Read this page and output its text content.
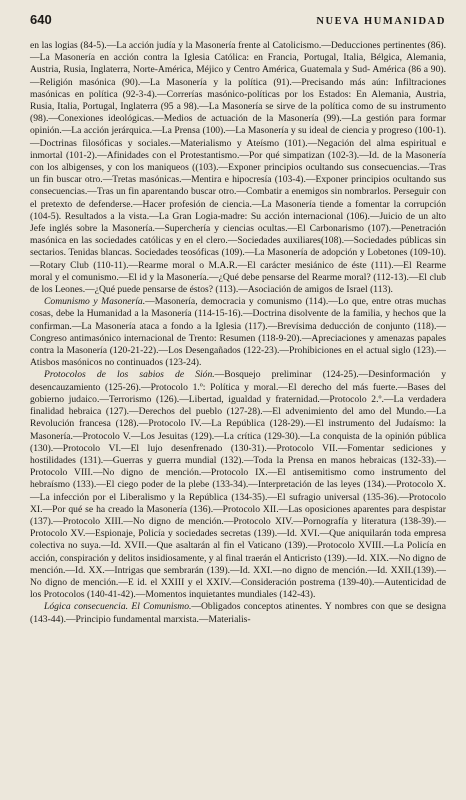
640	NUEVA HUMANIDAD

en las logias (84-5).—La acción judía y la Masonería frente al Catolicismo.—Deducciones pertinentes (86).—La Masonería en acción contra la Iglesia Católica: en Francia, Portugal, Italia, Bélgica, Alemania, Austria, Rusia, Inglaterra, Norte-América, Méjico y Centro América, Guatemala y Sud- América (86 a 90).—Religión masónica (90).—La Masonería y la política (91).—Precisando más aún: Infiltraciones masónicas en política (92-3-4).—Correrías masónico-políticas por los Estados: En Alemania, Austria, Rusia, Italia, Portugal, Inglaterra (95 a 98).—La Masonería se sirve de la política como de su instrumento (98).—Conexiones ideológicas.—Medios de actuación de la Masonería (99).—La gestión para formar opinión.—La acción jerárquica.—La Prensa (100).—La Masonería y su ideal de ciencia y progreso (100-1).—Doctrinas filosóficas y sociales.—Materialismo y Ateísmo (101).—Negación del alma espiritual e inmortal (101-2).—Afinidades con el Protestantismo.—Por qué simpatizan (102-3).—Id. de la Masonería con los albigenses, y con los maniqueos ((103).—Exponer principios ocultando sus consecuencias.—Tras un fin buscar otro.—Tretas masónicas.—Mentira e hipocresía (103-4).—Exponer principios ocultando sus consecuencias.—Tras un fin aparentando buscar otro.—Combatir a enemigos sin nombrarlos. Perseguir con el pretexto de defenderse.—Hacer profesión de ciencia.—La Masonería tiende a fomentar la corrupción (104-5). Resultados a la vista.—La Gran Logia-madre: Su acción internacional (106).—Juicio de un alto Jefe inglés sobre la Masonería.—Superchería y ciencias ocultas.—El Carbonarismo (107).—Penetración masónica en las sociedades católicas y en el clero.—Sociedades auxiliares(108).—Sociedades públicas sin sectarios. Tenidas blancas. Sociedades teosóficas (109).—La Masonería de adopción y Lobetones (109-10).—Rotary Club (110-11).—Rearme moral o M.A.R.—El carácter mesiánico de éste (111).—El Rearme moral y el comunismo.—El id y la Masonería.—¿Qué debe pensarse del Rearme moral? (112-13).—El club de los Leones.—¿Qué puede pensarse de éstos? (113).—Asociación de amigos de Israel (113).

Comunismo y Masonería.—Masonería, democracia y comunismo (114).—Lo que, entre otras muchas cosas, debe la Humanidad a la Masonería (114-15-16).—Doctrina disolvente de la familia, y hechos que la confirman.—La Masonería ataca a fondo a la Iglesia (117).—Brevísima deducción de conjunto (118).—Congreso antimasónico internacional de Trento: Resumen (118-9-20).—Apreciaciones y amenazas papales contra la Masonería (120-21-22).—Los Desengañados (122-23).—Prohibiciones en el actual siglo (123).—Atisbos masónicos no continuados (123-24).

Protocolos de los sabios de Sión.—Bosquejo preliminar (124-25).—Desinformación y desencauzamiento (125-26).—Protocolo 1.º: Política y moral.—El derecho del más fuerte.—Bases del gobierno judaico.—Terrorismo (126).—Libertad, igualdad y fraternidad.—Protocolo 2.º.—La verdadera finalidad hebraica (127).—Derechos del pueblo (127-28).—El advenimiento del amo del Mundo.—La Revolución francesa (128).—Protocolo IV.—La República (128-29).—El instrumento del Judaísmo: la Masonería.—Protocolo V.—Los Jesuitas (129).—La crítica (129-30).—La conquista de la opinión pública (130).—Protocolo VI.—El lujo desenfrenado (130-31).—Protocolo VII.—Fomentar sediciones y hostilidades (131).—Guerras y guerra mundial (132).—Toda la Prensa en manos hebraicas (132-33).—Protocolo VIII.—No digno de mención.—Protocolo IX.—El antisemitismo como instrumento del hebraísmo (133).—El ciego poder de la plebe (133-34).—Interpretación de las leyes (134).—Protocolo X.—La infección por el Liberalismo y la República (134-35).—El sufragio universal (135-36).—Protocolo XI.—Por qué se ha creado la Masonería (136).—Protocolo XII.—Las oposiciones aparentes para despistar (137).—Protocolo XIII.—No digno de mención.—Protocolo XIV.—Pornografía y literatura (138-39).—Protocolo XV.—Espionaje, Policía y sociedades secretas (139).—Id. XVI.—Que aniquilarán toda empresa colectiva no suya.—Id. XVII.—Que asaltarán al fin el Vaticano (139).—Protocolo XVIII.—La Policía en acción, conspiración y delitos insidiosamente, y al final traerán el Anticristo (139).—Id. XIX.—No digno de mención.—Id. XX.—Intrigas que sembrarán (139).—Id. XXI.—no digno de mención.—Id. XXII.(139).—No digno de mención.—E id. el XXIII y el XXIV.—Consideración postrema (139-40).—Autenticidad de los Protocolos (140-41-42).—Momentos inquietantes mundiales (142-43).

Lógica consecuencia. El Comunismo.—Obligados conceptos atinentes. Y nombres con que se designa (143-44).—Principio fundamental marxista.—Materialis-
